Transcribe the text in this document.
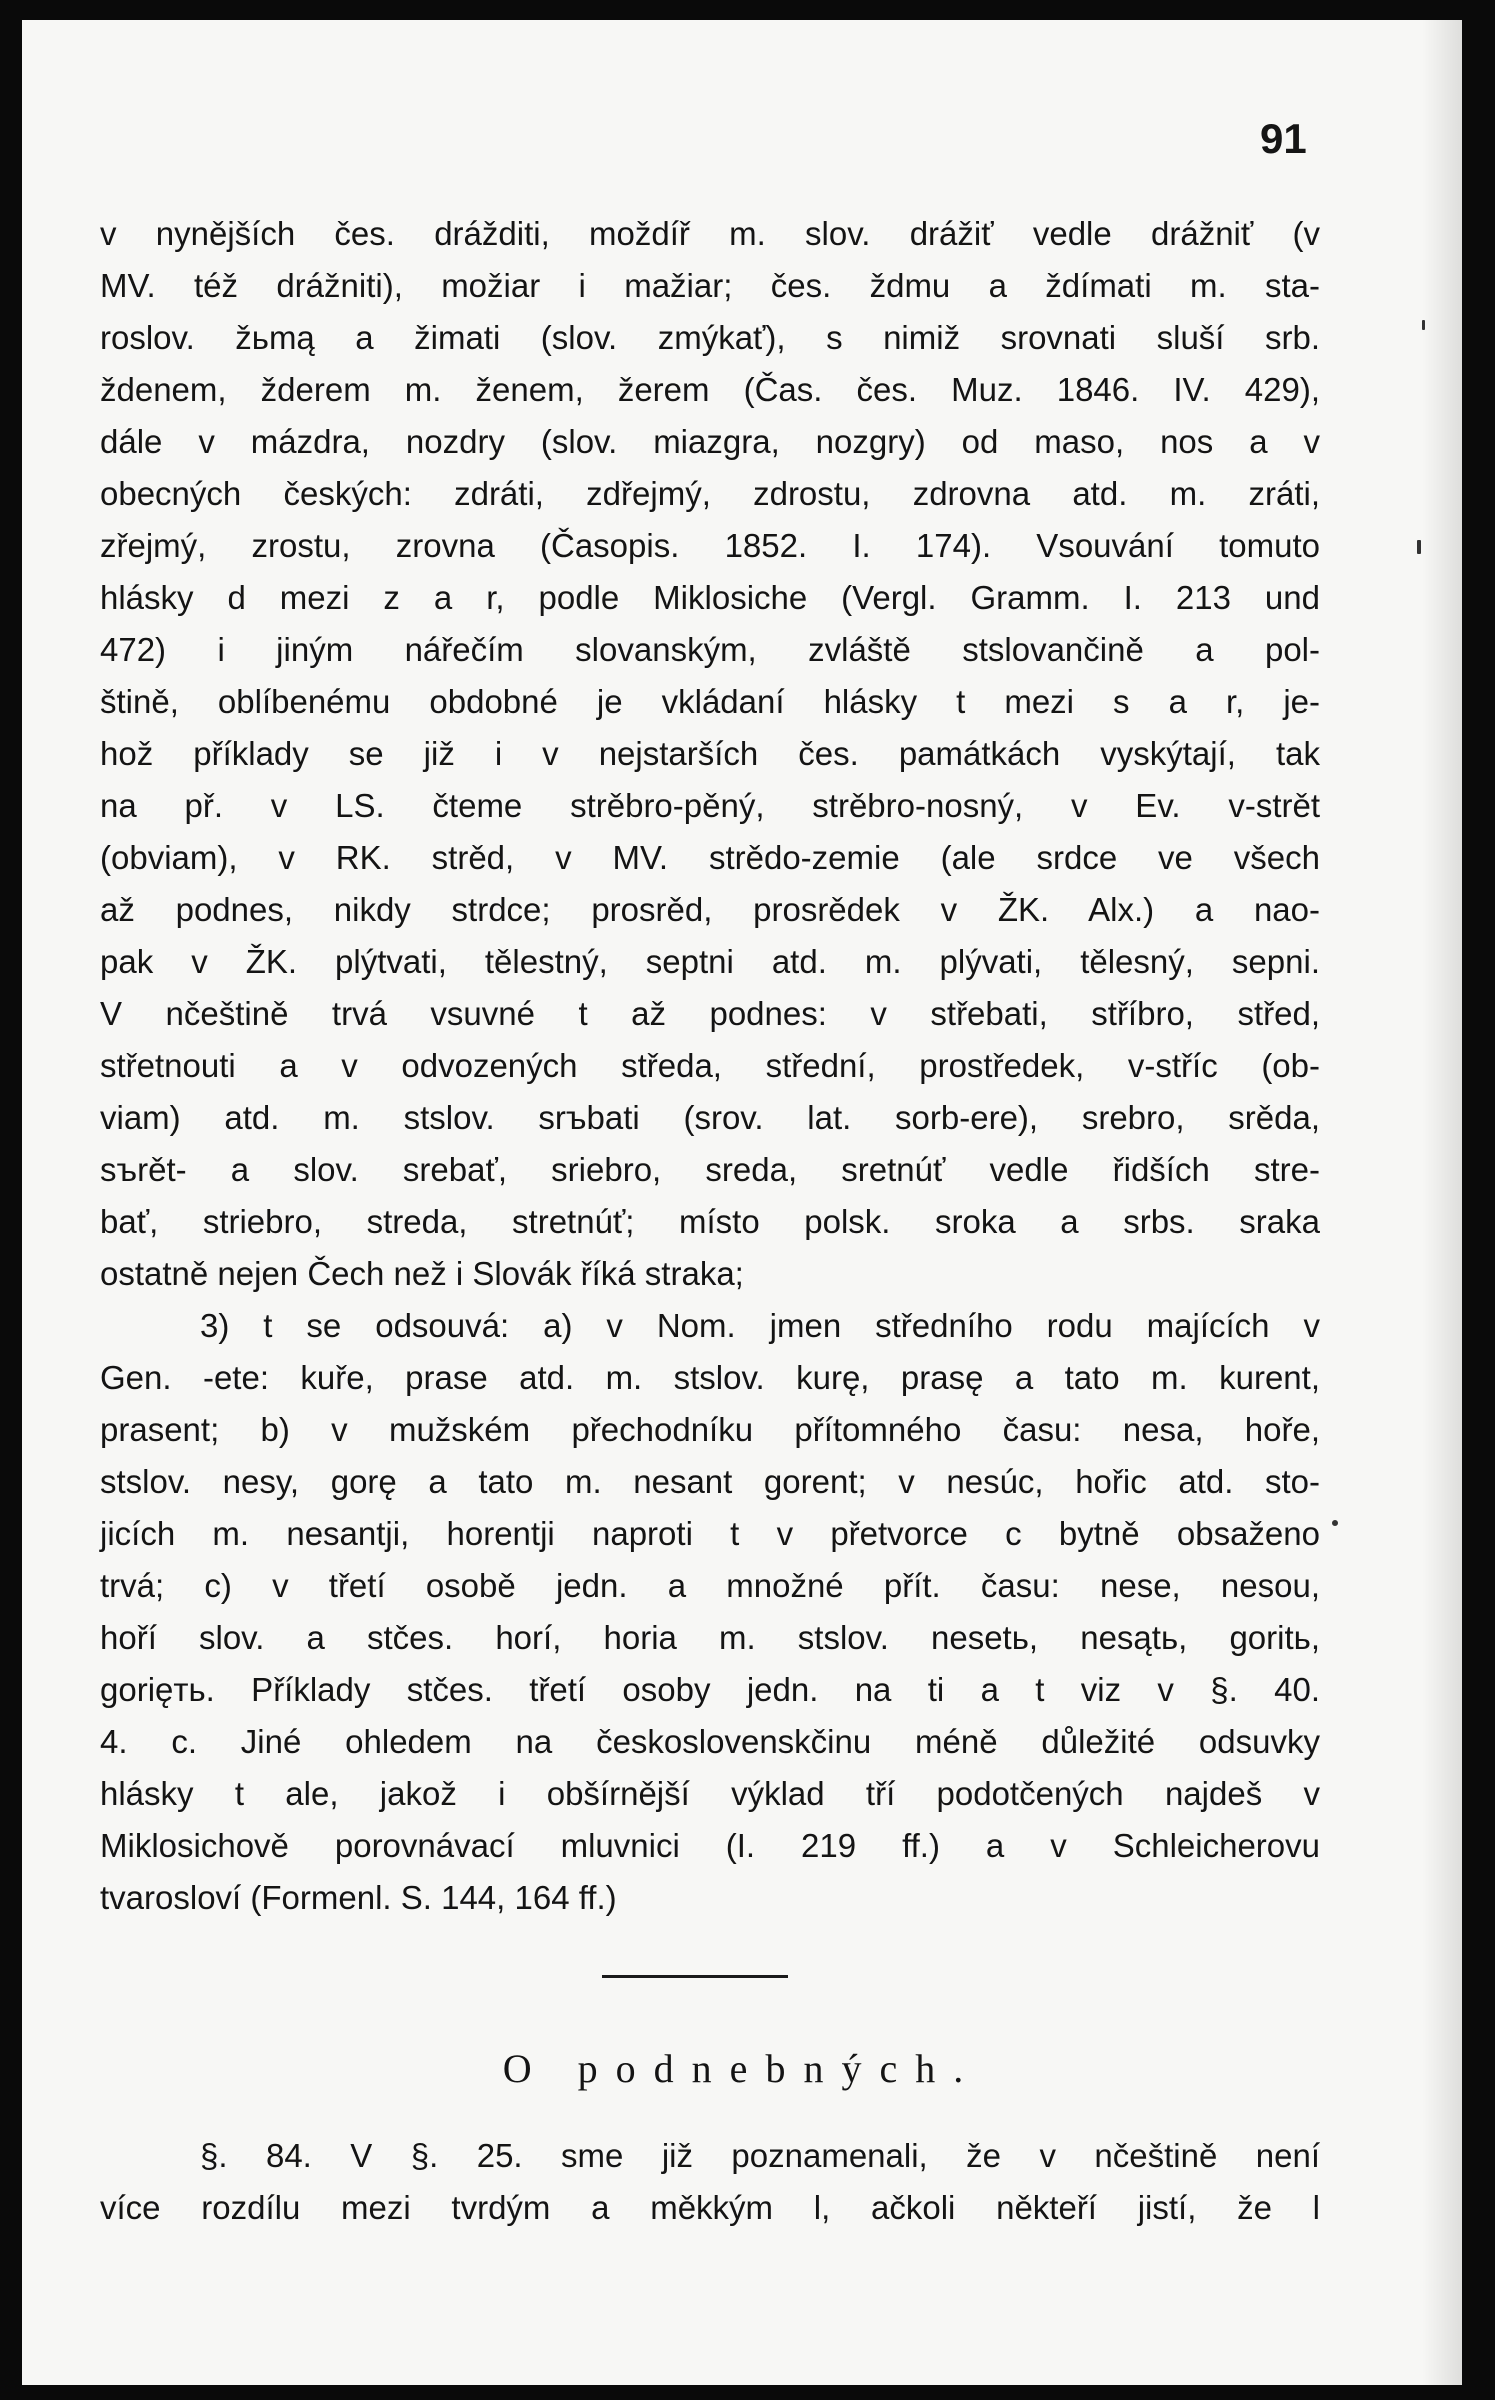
91

v nynějších čes. drážditi, moždíř m. slov. drážiť vedle drážniť (v

MV. též drážniti), možiar i mažiar; čes. ždmu a ždímati m. sta-

roslov. žьmą a žimati (slov. zmýkať), s nimiž srovnati sluší srb.

ždenem, žderem m. ženem, žerem (Čas. čes. Muz. 1846. IV. 429),

dále v mázdra, nozdry (slov. miazgra, nozgry) od maso, nos a v

obecných českých: zdráti, zdřejmý, zdrostu, zdrovna atd. m. zráti,

zřejmý, zrostu, zrovna (Časopis. 1852. I. 174). Vsouvání tomuto

hlásky d mezi z a r, podle Miklosiche (Vergl. Gramm. I. 213 und

472) i jiným nářečím slovanským, zvláště stslovančině a pol-

štině, oblíbenému obdobné je vkládaní hlásky t mezi s a r, je-

hož příklady se již i v nejstarších čes. památkách vyskýtají, tak

na př. v LS. čteme strěbro-pěný, strěbro-nosný, v Ev. v-strět

(obviam), v RK. strěd, v MV. strědo-zemie (ale srdce ve všech

až podnes, nikdy strdce; prosrěd, prosrědek v ŽK. Alx.) a nao-

pak v ŽK. plýtvati, tělestný, septni atd. m. plývati, tělesný, sepni.

V nčeštině trvá vsuvné t až podnes: v střebati, stříbro, střed,

střetnouti a v odvozených středa, střední, prostředek, v-stříc (ob-

viam) atd. m. stslov. srъbati (srov. lat. sorb-ere), srebro, srěda,

sъrět- a slov. srebať, sriebro, sreda, sretnúť vedle řidších stre-

bať, striebro, streda, stretnúť; místo polsk. sroka a srbs. sraka

ostatně nejen Čech než i Slovák říká straka;

3) t se odsouvá: a) v Nom. jmen středního rodu majících v

Gen. -ete: kuře, prase atd. m. stslov. kurę, prasę a tato m. kurent,

prasent; b) v mužském přechodníku přítomného času: nesa, hoře,

stslov. nesy, gorę a tato m. nesant gorent; v nesúc, hořic atd. sto-

jicích m. nesantji, horentji naproti t v přetvorce c bytně obsaženo

trvá; c) v třetí osobě jedn. a množné přít. času: nese, nesou,

hoří slov. a stčes. horí, horia m. stslov. nesetь, nesątь, goritь,

gorięть. Příklady stčes. třetí osoby jedn. na ti a t viz v §. 40.

4. c. Jiné ohledem na československčinu méně důležité odsuvky

hlásky t ale, jakož i obšírnější výklad tří podotčených najdeš v

Miklosichově porovnávací mluvnici (I. 219 ff.) a v Schleicherovu

tvarosloví (Formenl. S. 144, 164 ff.)

O podnebných.

§. 84. V §. 25. sme již poznamenali, že v nčeštině není

více rozdílu mezi tvrdým a měkkým l, ačkoli někteří jistí, že l
